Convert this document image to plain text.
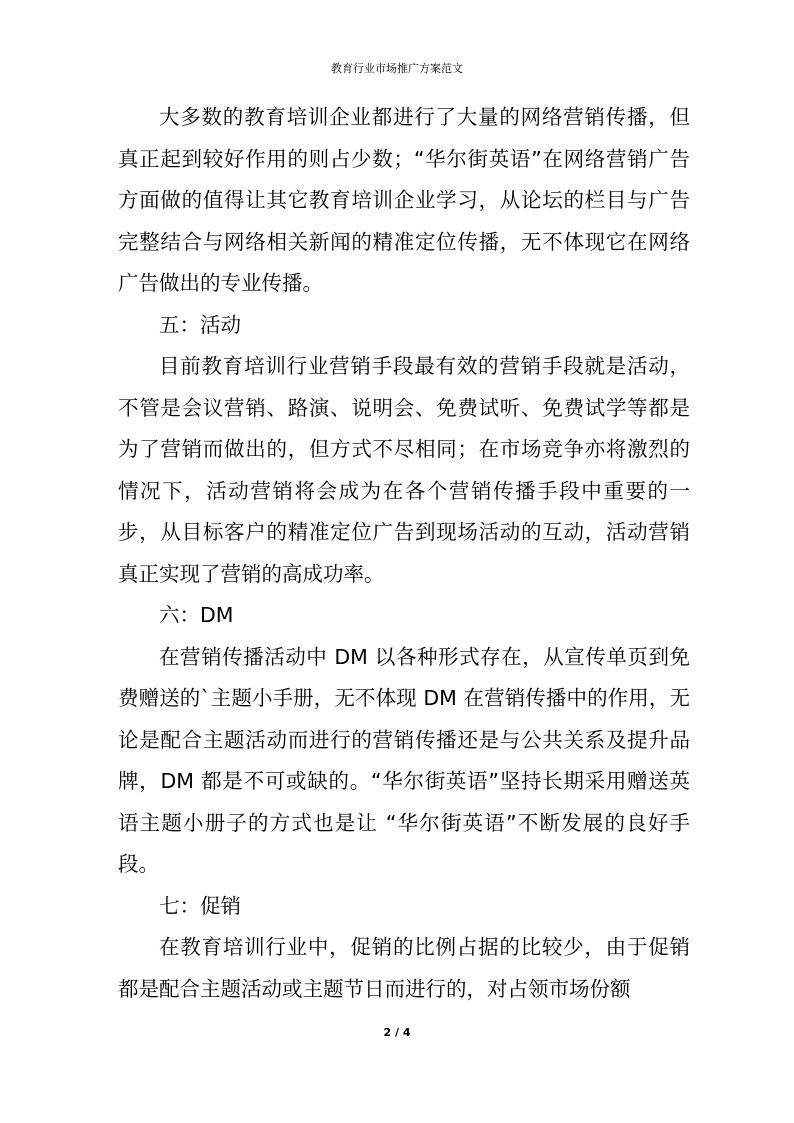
教育行业市场推广方案范文

大多数的教育培训企业都进行了大量的网络营销传播，但真正起到较好作用的则占少数；“华尔街英语”在网络营销广告方面做的值得让其它教育培训企业学习，从论坛的栏目与广告完整结合与网络相关新闻的精准定位传播，无不体现它在网络广告做出的专业传播。

五：活动

目前教育培训行业营销手段最有效的营销手段就是活动，不管是会议营销、路演、说明会、免费试听、免费试学等都是为了营销而做出的，但方式不尽相同；在市场竞争亦将激烈的情况下，活动营销将会成为在各个营销传播手段中重要的一步，从目标客户的精准定位广告到现场活动的互动，活动营销真正实现了营销的高成功率。

六：DM

在营销传播活动中 DM 以各种形式存在，从宣传单页到免费赠送的`主题小手册，无不体现 DM 在营销传播中的作用，无论是配合主题活动而进行的营销传播还是与公共关系及提升品牌，DM 都是不可或缺的。“华尔街英语”坚持长期采用赠送英语主题小册子的方式也是让 “华尔街英语”不断发展的良好手段。

七：促销

在教育培训行业中，促销的比例占据的比较少，由于促销都是配合主题活动或主题节日而进行的，对占领市场份额

2 / 4
